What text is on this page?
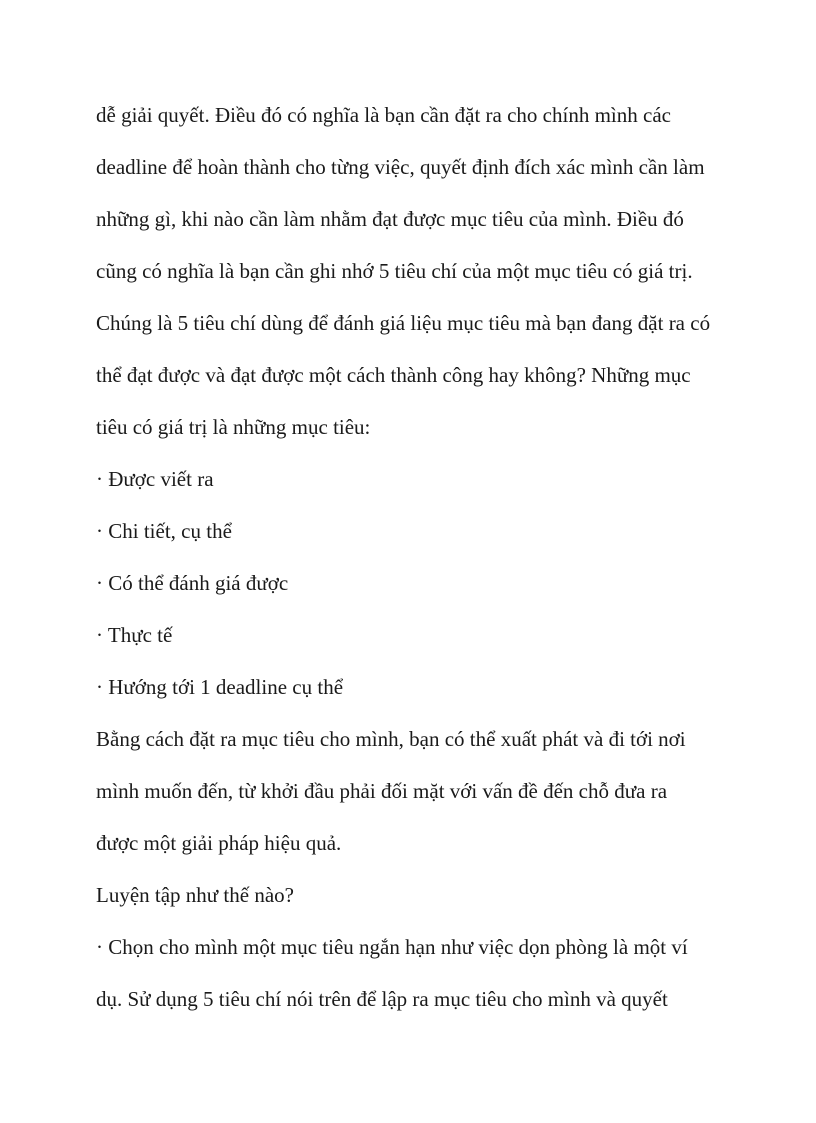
dễ giải quyết. Điều đó có nghĩa là bạn cần đặt ra cho chính mình các
deadline để hoàn thành cho từng việc, quyết định đích xác mình cần làm
những gì, khi nào cần làm nhằm đạt được mục tiêu của mình. Điều đó
cũng có nghĩa là bạn cần ghi nhớ 5 tiêu chí của một mục tiêu có giá trị.
Chúng là 5 tiêu chí dùng để đánh giá liệu mục tiêu mà bạn đang đặt ra có
thể đạt được và đạt được một cách thành công hay không? Những mục
tiêu có giá trị là những mục tiêu:
· Được viết ra
· Chi tiết, cụ thể
· Có thể đánh giá được
· Thực tế
· Hướng tới 1 deadline cụ thể
Bằng cách đặt ra mục tiêu cho mình, bạn có thể xuất phát và đi tới nơi
mình muốn đến, từ khởi đầu phải đối mặt với vấn đề đến chỗ đưa ra
được một giải pháp hiệu quả.
Luyện tập như thế nào?
· Chọn cho mình một mục tiêu ngắn hạn như việc dọn phòng là một ví
dụ. Sử dụng 5 tiêu chí nói trên để lập ra mục tiêu cho mình và quyết
